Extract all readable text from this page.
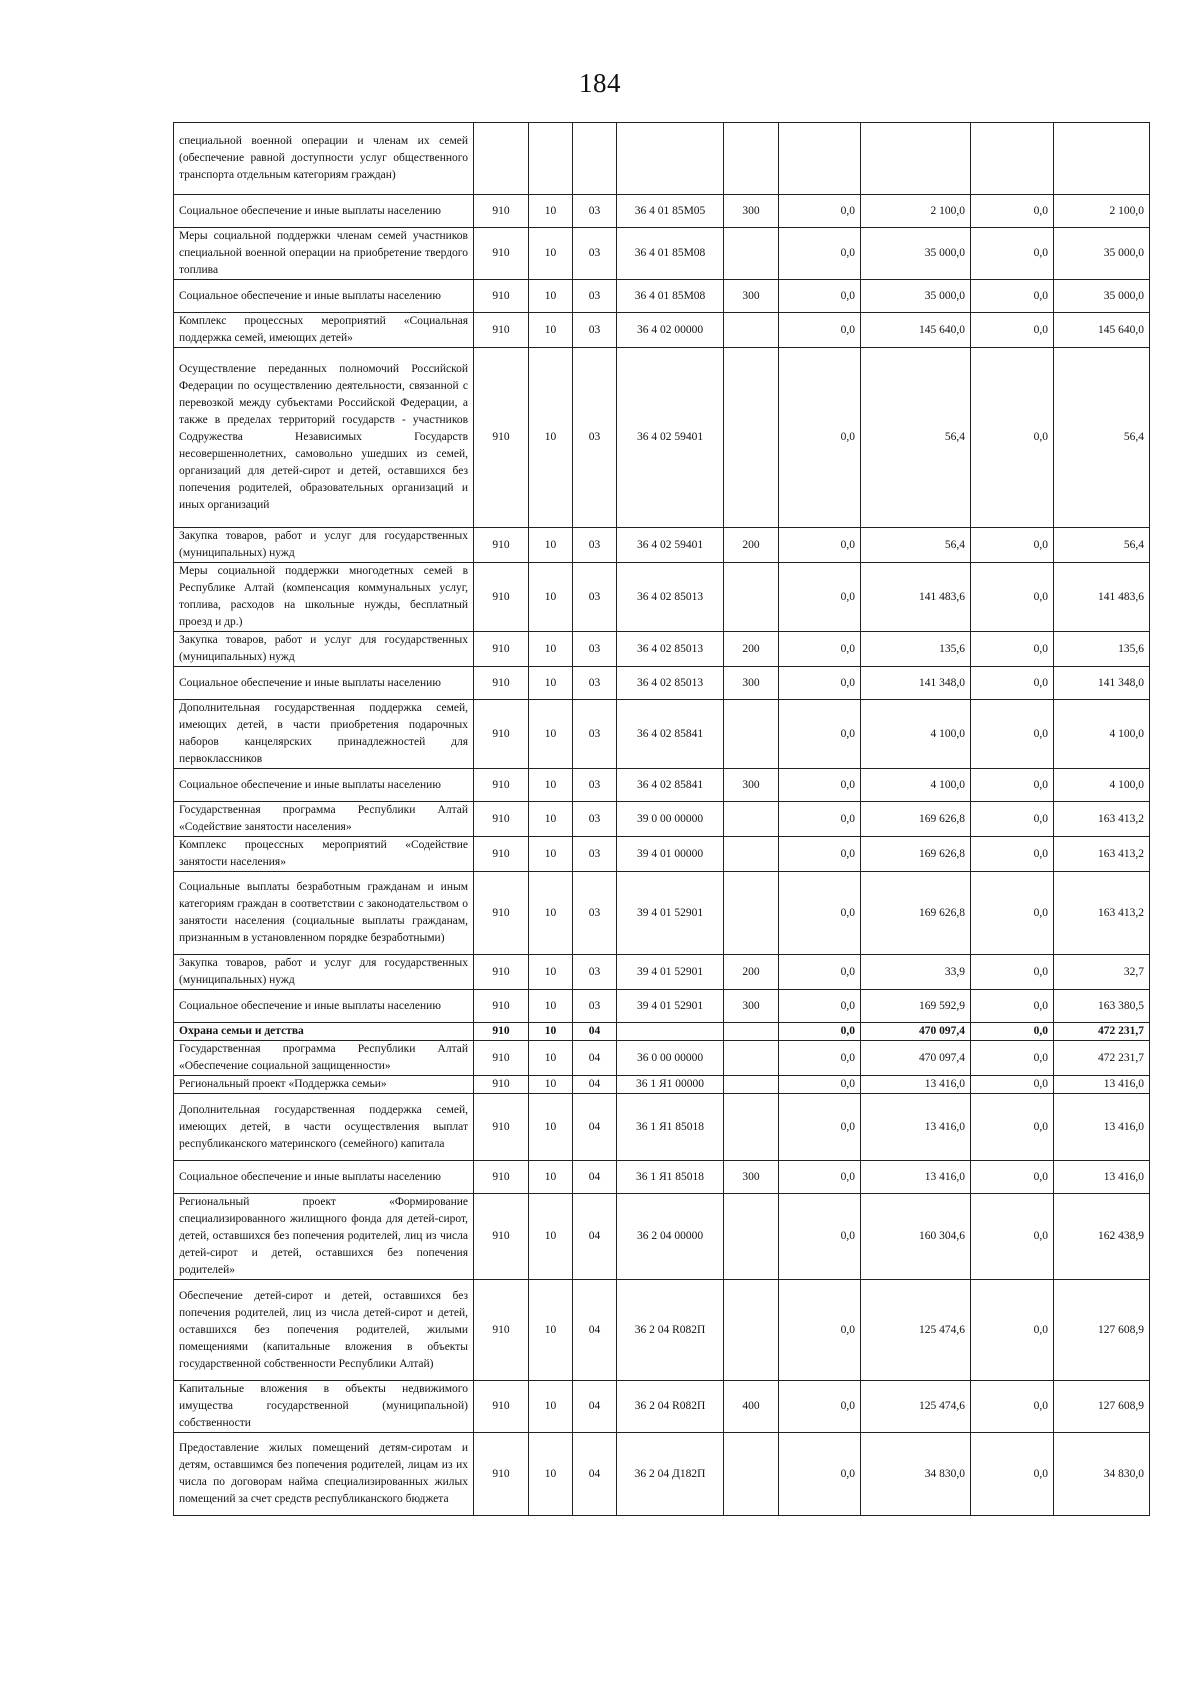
184
специальной военной операции и членам их семей (обеспечение равной доступности услуг общественного транспорта отдельным категориям граждан)									
Социальное обеспечение и иные выплаты населению	910	10	03	36 4 01 85М05	300	0,0	2 100,0	0,0	2 100,0
Меры социальной поддержки членам семей участников специальной военной операции на приобретение твердого топлива	910	10	03	36 4 01 85М08		0,0	35 000,0	0,0	35 000,0
Социальное обеспечение и иные выплаты населению	910	10	03	36 4 01 85М08	300	0,0	35 000,0	0,0	35 000,0
Комплекс процессных мероприятий «Социальная поддержка семей, имеющих детей»	910	10	03	36 4 02 00000		0,0	145 640,0	0,0	145 640,0
Осуществление переданных полномочий Российской Федерации по осуществлению деятельности, связанной с перевозкой между субъектами Российской Федерации, а также в пределах территорий государств - участников Содружества Независимых Государств несовершеннолетних, самовольно ушедших из семей, организаций для детей-сирот и детей, оставшихся без попечения родителей, образовательных организаций и иных организаций	910	10	03	36 4 02 59401		0,0	56,4	0,0	56,4
Закупка товаров, работ и услуг для государственных (муниципальных) нужд	910	10	03	36 4 02 59401	200	0,0	56,4	0,0	56,4
Меры социальной поддержки многодетных семей в Республике Алтай (компенсация коммунальных услуг, топлива, расходов на школьные нужды, бесплатный проезд и др.)	910	10	03	36 4 02 85013		0,0	141 483,6	0,0	141 483,6
Закупка товаров, работ и услуг для государственных (муниципальных) нужд	910	10	03	36 4 02 85013	200	0,0	135,6	0,0	135,6
Социальное обеспечение и иные выплаты населению	910	10	03	36 4 02 85013	300	0,0	141 348,0	0,0	141 348,0
Дополнительная государственная поддержка семей, имеющих детей, в части приобретения подарочных наборов канцелярских принадлежностей для первоклассников	910	10	03	36 4 02 85841		0,0	4 100,0	0,0	4 100,0
Социальное обеспечение и иные выплаты населению	910	10	03	36 4 02 85841	300	0,0	4 100,0	0,0	4 100,0
Государственная программа Республики Алтай «Содействие занятости населения»	910	10	03	39 0 00 00000		0,0	169 626,8	0,0	163 413,2
Комплекс процессных мероприятий «Содействие занятости населения»	910	10	03	39 4 01 00000		0,0	169 626,8	0,0	163 413,2
Социальные выплаты безработным гражданам и иным категориям граждан в соответствии с законодательством о занятости населения (социальные выплаты гражданам, признанным в установленном порядке безработными)	910	10	03	39 4 01 52901		0,0	169 626,8	0,0	163 413,2
Закупка товаров, работ и услуг для государственных (муниципальных) нужд	910	10	03	39 4 01 52901	200	0,0	33,9	0,0	32,7
Социальное обеспечение и иные выплаты населению	910	10	03	39 4 01 52901	300	0,0	169 592,9	0,0	163 380,5
Охрана семьи и детства	910	10	04			0,0	470 097,4	0,0	472 231,7
Государственная программа Республики Алтай «Обеспечение социальной защищенности»	910	10	04	36 0 00 00000		0,0	470 097,4	0,0	472 231,7
Региональный проект «Поддержка семьи»	910	10	04	36 1 Я1 00000		0,0	13 416,0	0,0	13 416,0
Дополнительная государственная поддержка семей, имеющих детей, в части осуществления выплат республиканского материнского (семейного) капитала	910	10	04	36 1 Я1 85018		0,0	13 416,0	0,0	13 416,0
Социальное обеспечение и иные выплаты населению	910	10	04	36 1 Я1 85018	300	0,0	13 416,0	0,0	13 416,0
Региональный проект «Формирование специализированного жилищного фонда для детей-сирот, детей, оставшихся без попечения родителей, лиц из числа детей-сирот и детей, оставшихся без попечения родителей»	910	10	04	36 2 04 00000		0,0	160 304,6	0,0	162 438,9
Обеспечение детей-сирот и детей, оставшихся без попечения родителей, лиц из числа детей-сирот и детей, оставшихся без попечения родителей, жилыми помещениями (капитальные вложения в объекты государственной собственности Республики Алтай)	910	10	04	36 2 04 R082П		0,0	125 474,6	0,0	127 608,9
Капитальные вложения в объекты недвижимого имущества государственной (муниципальной) собственности	910	10	04	36 2 04 R082П	400	0,0	125 474,6	0,0	127 608,9
Предоставление жилых помещений детям-сиротам и детям, оставшимся без попечения родителей, лицам из их числа по договорам найма специализированных жилых помещений за счет средств республиканского бюджета	910	10	04	36 2 04 Д182П		0,0	34 830,0	0,0	34 830,0
